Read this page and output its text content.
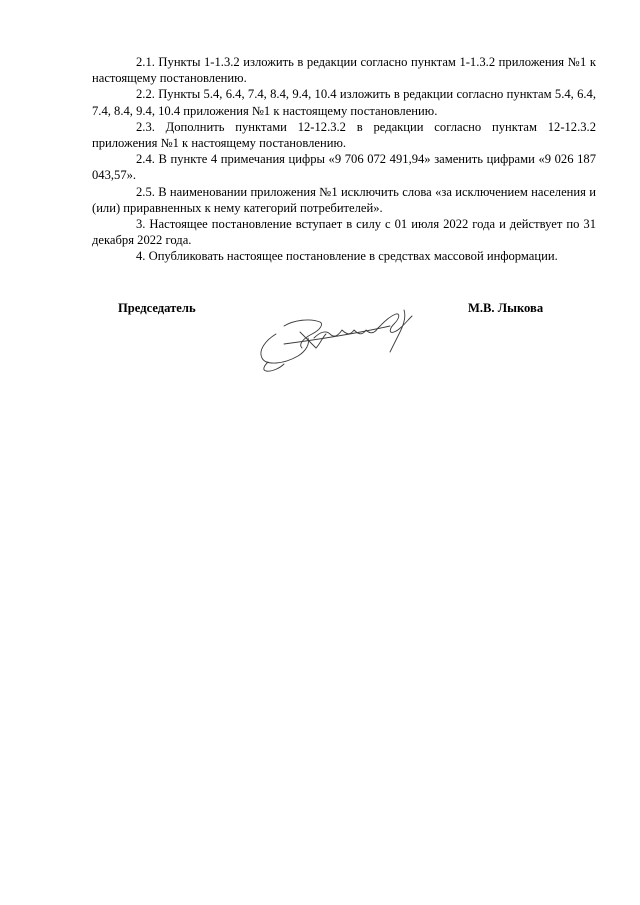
2.1. Пункты 1-1.3.2 изложить в редакции согласно пунктам 1-1.3.2 приложения №1 к настоящему постановлению.

2.2. Пункты 5.4, 6.4, 7.4, 8.4, 9.4, 10.4 изложить в редакции согласно пунктам 5.4, 6.4, 7.4, 8.4, 9.4, 10.4 приложения №1 к настоящему постановлению.

2.3. Дополнить пунктами 12-12.3.2 в редакции согласно пунктам 12-12.3.2 приложения №1 к настоящему постановлению.

2.4. В пункте 4 примечания цифры «9 706 072 491,94» заменить цифрами «9 026 187 043,57».

2.5. В наименовании приложения №1 исключить слова «за исключением населения и (или) приравненных к нему категорий потребителей».

3. Настоящее постановление вступает в силу с 01 июля 2022 года и действует по 31 декабря 2022 года.

4. Опубликовать настоящее постановление в средствах массовой информации.

Председатель	М.В. Лыкова
